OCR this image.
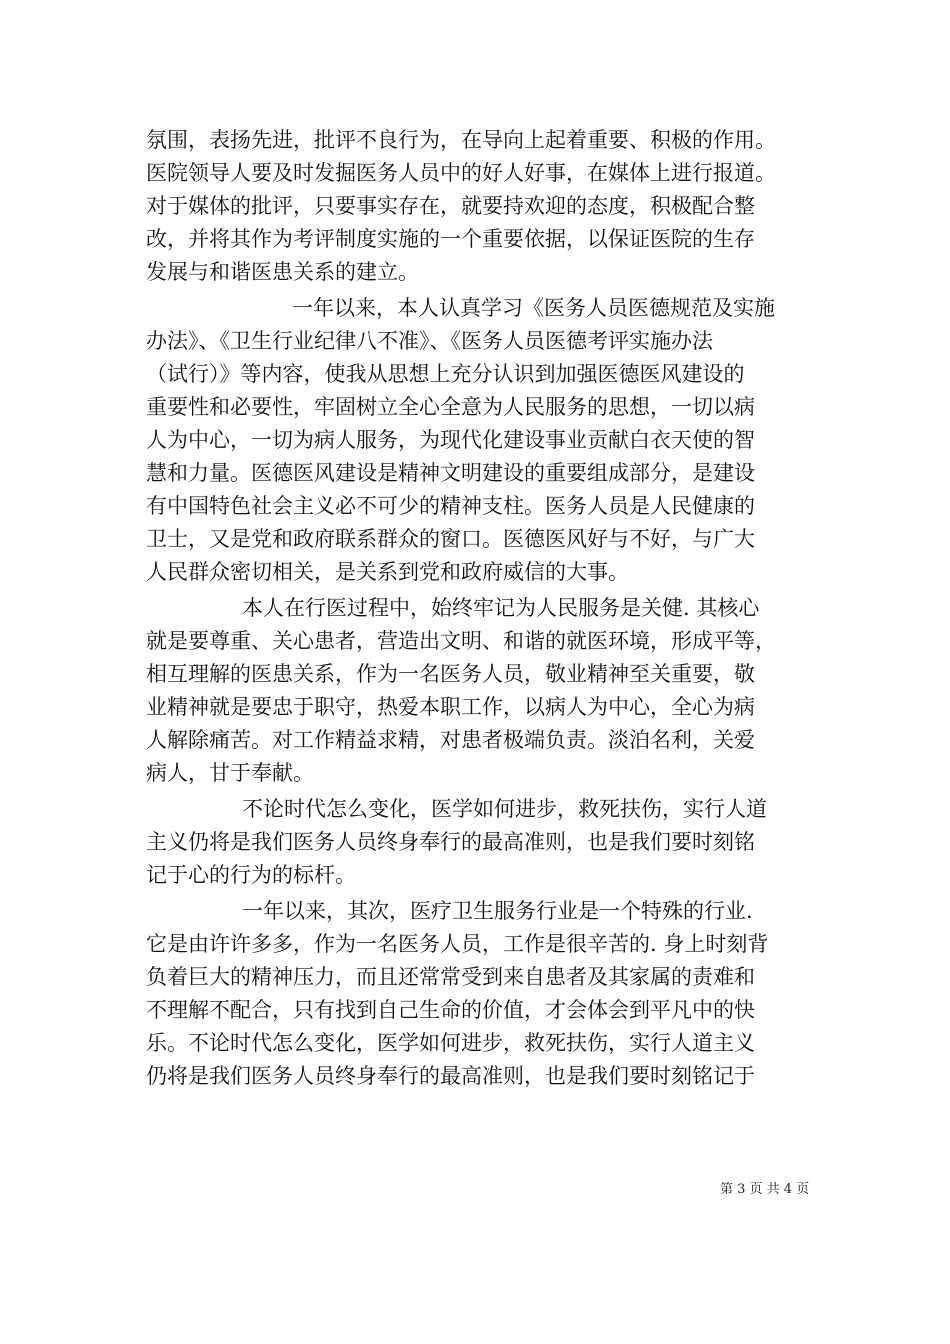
氛围，表扬先进，批评不良行为，在导向上起着重要、积极的作用。
医院领导人要及时发掘医务人员中的好人好事，在媒体上进行报道。
对于媒体的批评，只要事实存在，就要持欢迎的态度，积极配合整
改，并将其作为考评制度实施的一个重要依据，以保证医院的生存
发展与和谐医患关系的建立。

一年以来，本人认真学习《医务人员医德规范及实施
办法》、《卫生行业纪律八不准》、《医务人员医德考评实施办法
（试行）》等内容，使我从思想上充分认识到加强医德医风建设的
重要性和必要性，牢固树立全心全意为人民服务的思想，一切以病
人为中心，一切为病人服务，为现代化建设事业贡献白衣天使的智
慧和力量。医德医风建设是精神文明建设的重要组成部分，是建设
有中国特色社会主义必不可少的精神支柱。医务人员是人民健康的
卫士，又是党和政府联系群众的窗口。医德医风好与不好，与广大
人民群众密切相关，是关系到党和政府威信的大事。

本人在行医过程中，始终牢记为人民服务是关健. 其核心
就是要尊重、关心患者，营造出文明、和谐的就医环境，形成平等，
相互理解的医患关系，作为一名医务人员，敬业精神至关重要，敬
业精神就是要忠于职守，热爱本职工作，以病人为中心，全心为病
人解除痛苦。对工作精益求精，对患者极端负责。淡泊名利，关爱
病人，甘于奉献。

不论时代怎么变化，医学如何进步，救死扶伤，实行人道
主义仍将是我们医务人员终身奉行的最高准则，也是我们要时刻铭
记于心的行为的标杆。

一年以来，其次，医疗卫生服务行业是一个特殊的行业.
它是由许许多多，作为一名医务人员，工作是很辛苦的. 身上时刻背
负着巨大的精神压力，而且还常常受到来自患者及其家属的责难和
不理解不配合，只有找到自己生命的价值，才会体会到平凡中的快
乐。不论时代怎么变化，医学如何进步，救死扶伤，实行人道主义
仍将是我们医务人员终身奉行的最高准则，也是我们要时刻铭记于

第 3 页 共 4 页
